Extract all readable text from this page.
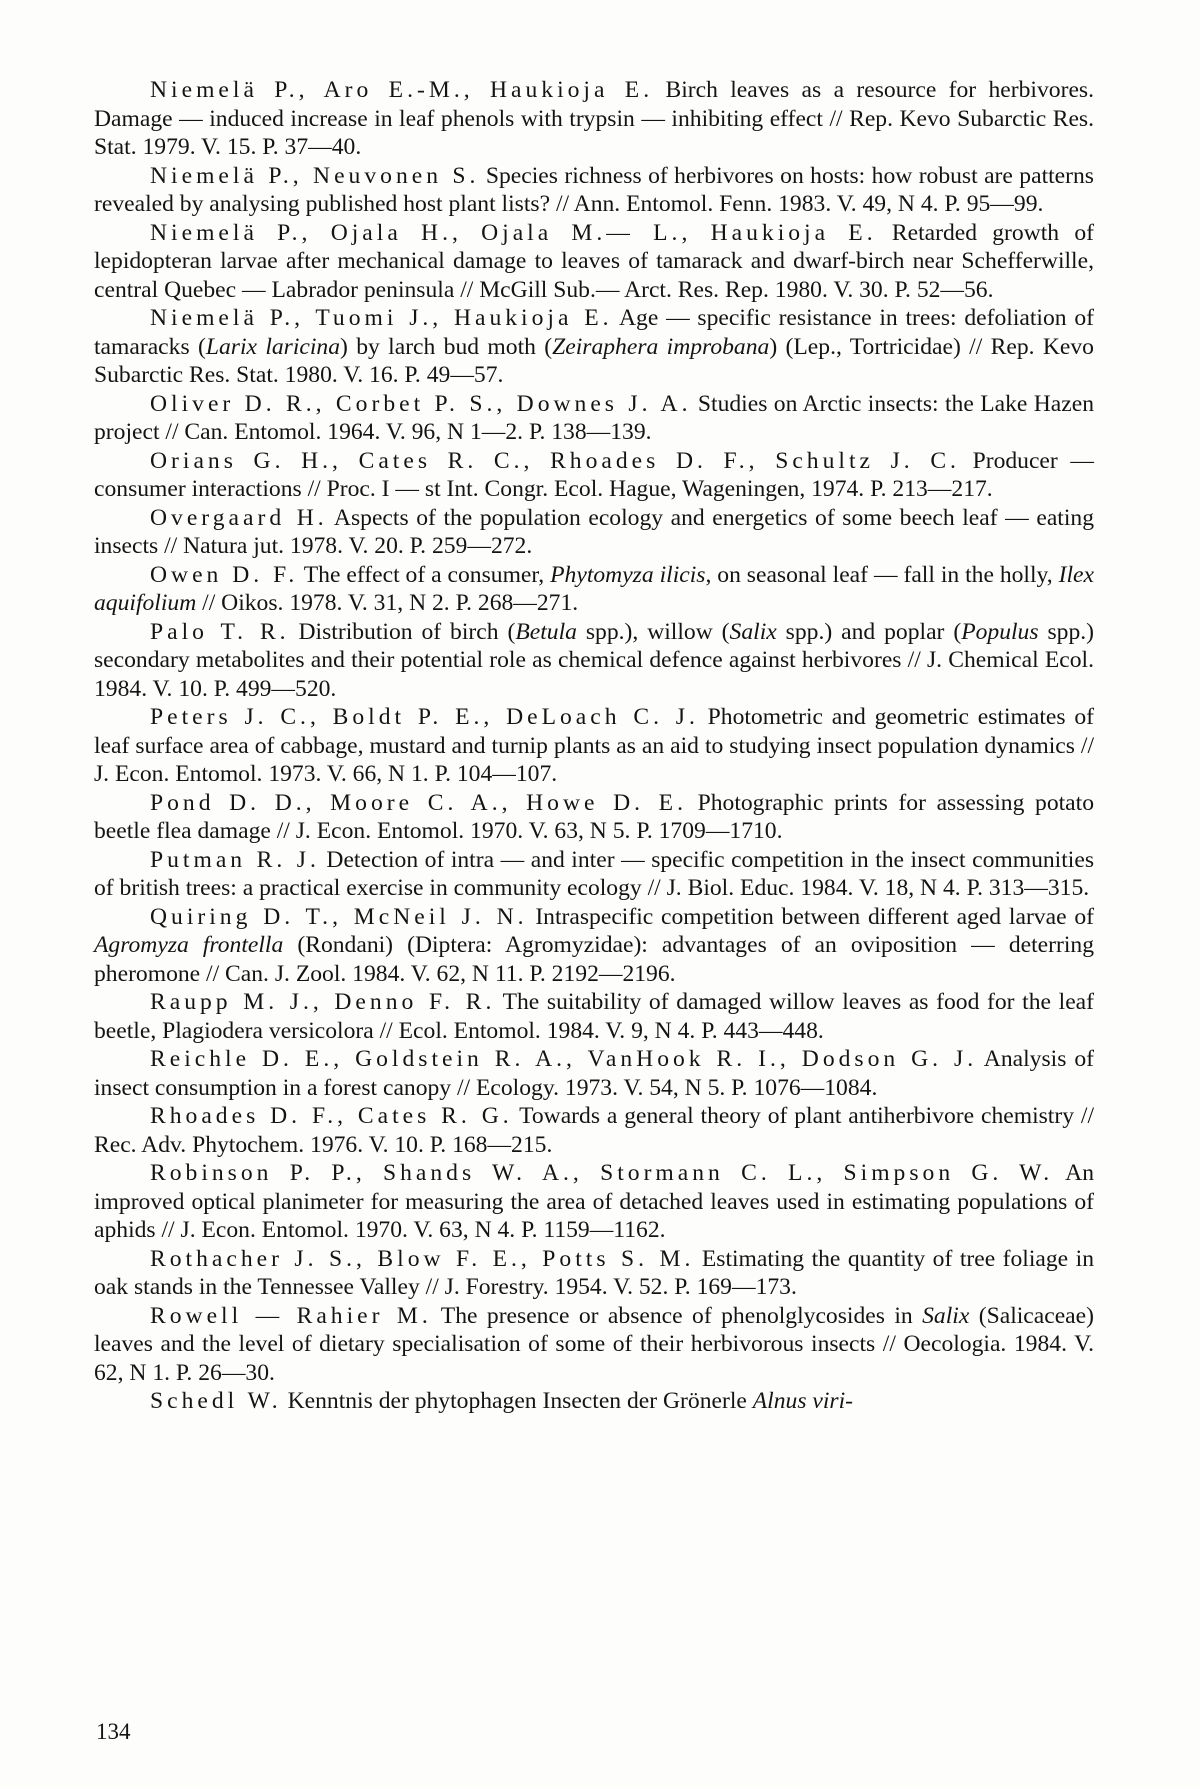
Niemelä P., Aro E.-M., Haukioja E. Birch leaves as a resource for herbivores. Damage — induced increase in leaf phenols with trypsin — inhibiting effect // Rep. Kevo Subarctic Res. Stat. 1979. V. 15. P. 37—40.

Niemelä P., Neuvonen S. Species richness of herbivores on hosts: how robust are patterns revealed by analysing published host plant lists? // Ann. Entomol. Fenn. 1983. V. 49, N 4. P. 95—99.

Niemelä P., Ojala H., Ojala M.— L., Haukioja E. Retarded growth of lepidopteran larvae after mechanical damage to leaves of tamarack and dwarf-birch near Schefferwille, central Quebec — Labrador peninsula // McGill Sub.— Arct. Res. Rep. 1980. V. 30. P. 52—56.

Niemelä P., Tuomi J., Haukioja E. Age — specific resistance in trees: defoliation of tamaracks (Larix laricina) by larch bud moth (Zeiraphera improbana) (Lep., Tortricidae) // Rep. Kevo Subarctic Res. Stat. 1980. V. 16. P. 49—57.

Oliver D. R., Corbet P. S., Downes J. A. Studies on Arctic insects: the Lake Hazen project // Can. Entomol. 1964. V. 96, N 1—2. P. 138—139.

Orians G. H., Cates R. C., Rhoades D. F., Schultz J. C. Producer — consumer interactions // Proc. I — st Int. Congr. Ecol. Hague, Wageningen, 1974. P. 213—217.

Overgaard H. Aspects of the population ecology and energetics of some beech leaf — eating insects // Natura jut. 1978. V. 20. P. 259—272.

Owen D. F. The effect of a consumer, Phytomyza ilicis, on seasonal leaf — fall in the holly, Ilex aquifolium // Oikos. 1978. V. 31, N 2. P. 268—271.

Palo T. R. Distribution of birch (Betula spp.), willow (Salix spp.) and poplar (Populus spp.) secondary metabolites and their potential role as chemical defence against herbivores // J. Chemical Ecol. 1984. V. 10. P. 499—520.

Peters J. C., Boldt P. E., DeLoach C. J. Photometric and geometric estimates of leaf surface area of cabbage, mustard and turnip plants as an aid to studying insect population dynamics // J. Econ. Entomol. 1973. V. 66, N 1. P. 104—107.

Pond D. D., Moore C. A., Howe D. E. Photographic prints for assessing potato beetle flea damage // J. Econ. Entomol. 1970. V. 63, N 5. P. 1709—1710.

Putman R. J. Detection of intra — and inter — specific competition in the insect communities of british trees: a practical exercise in community ecology // J. Biol. Educ. 1984. V. 18, N 4. P. 313—315.

Quiring D. T., McNeil J. N. Intraspecific competition between different aged larvae of Agromyza frontella (Rondani) (Diptera: Agromyzidae): advantages of an oviposition — deterring pheromone // Can. J. Zool. 1984. V. 62, N 11. P. 2192—2196.

Raupp M. J., Denno F. R. The suitability of damaged willow leaves as food for the leaf beetle, Plagiodera versicolora // Ecol. Entomol. 1984. V. 9, N 4. P. 443—448.

Reichle D. E., Goldstein R. A., VanHook R. I., Dodson G. J. Analysis of insect consumption in a forest canopy // Ecology. 1973. V. 54, N 5. P. 1076—1084.

Rhoades D. F., Cates R. G. Towards a general theory of plant antiherbivore chemistry // Rec. Adv. Phytochem. 1976. V. 10. P. 168—215.

Robinson P. P., Shands W. A., Stormann C. L., Simpson G. W. An improved optical planimeter for measuring the area of detached leaves used in estimating populations of aphids // J. Econ. Entomol. 1970. V. 63, N 4. P. 1159—1162.

Rothacher J. S., Blow F. E., Potts S. M. Estimating the quantity of tree foliage in oak stands in the Tennessee Valley // J. Forestry. 1954. V. 52. P. 169—173.

Rowell — Rahier M. The presence or absence of phenolglycosides in Salix (Salicaceae) leaves and the level of dietary specialisation of some of their herbivorous insects // Oecologia. 1984. V. 62, N 1. P. 26—30.

Schedl W. Kenntnis der phytophagen Insecten der Grönerle Alnus viri-

134
